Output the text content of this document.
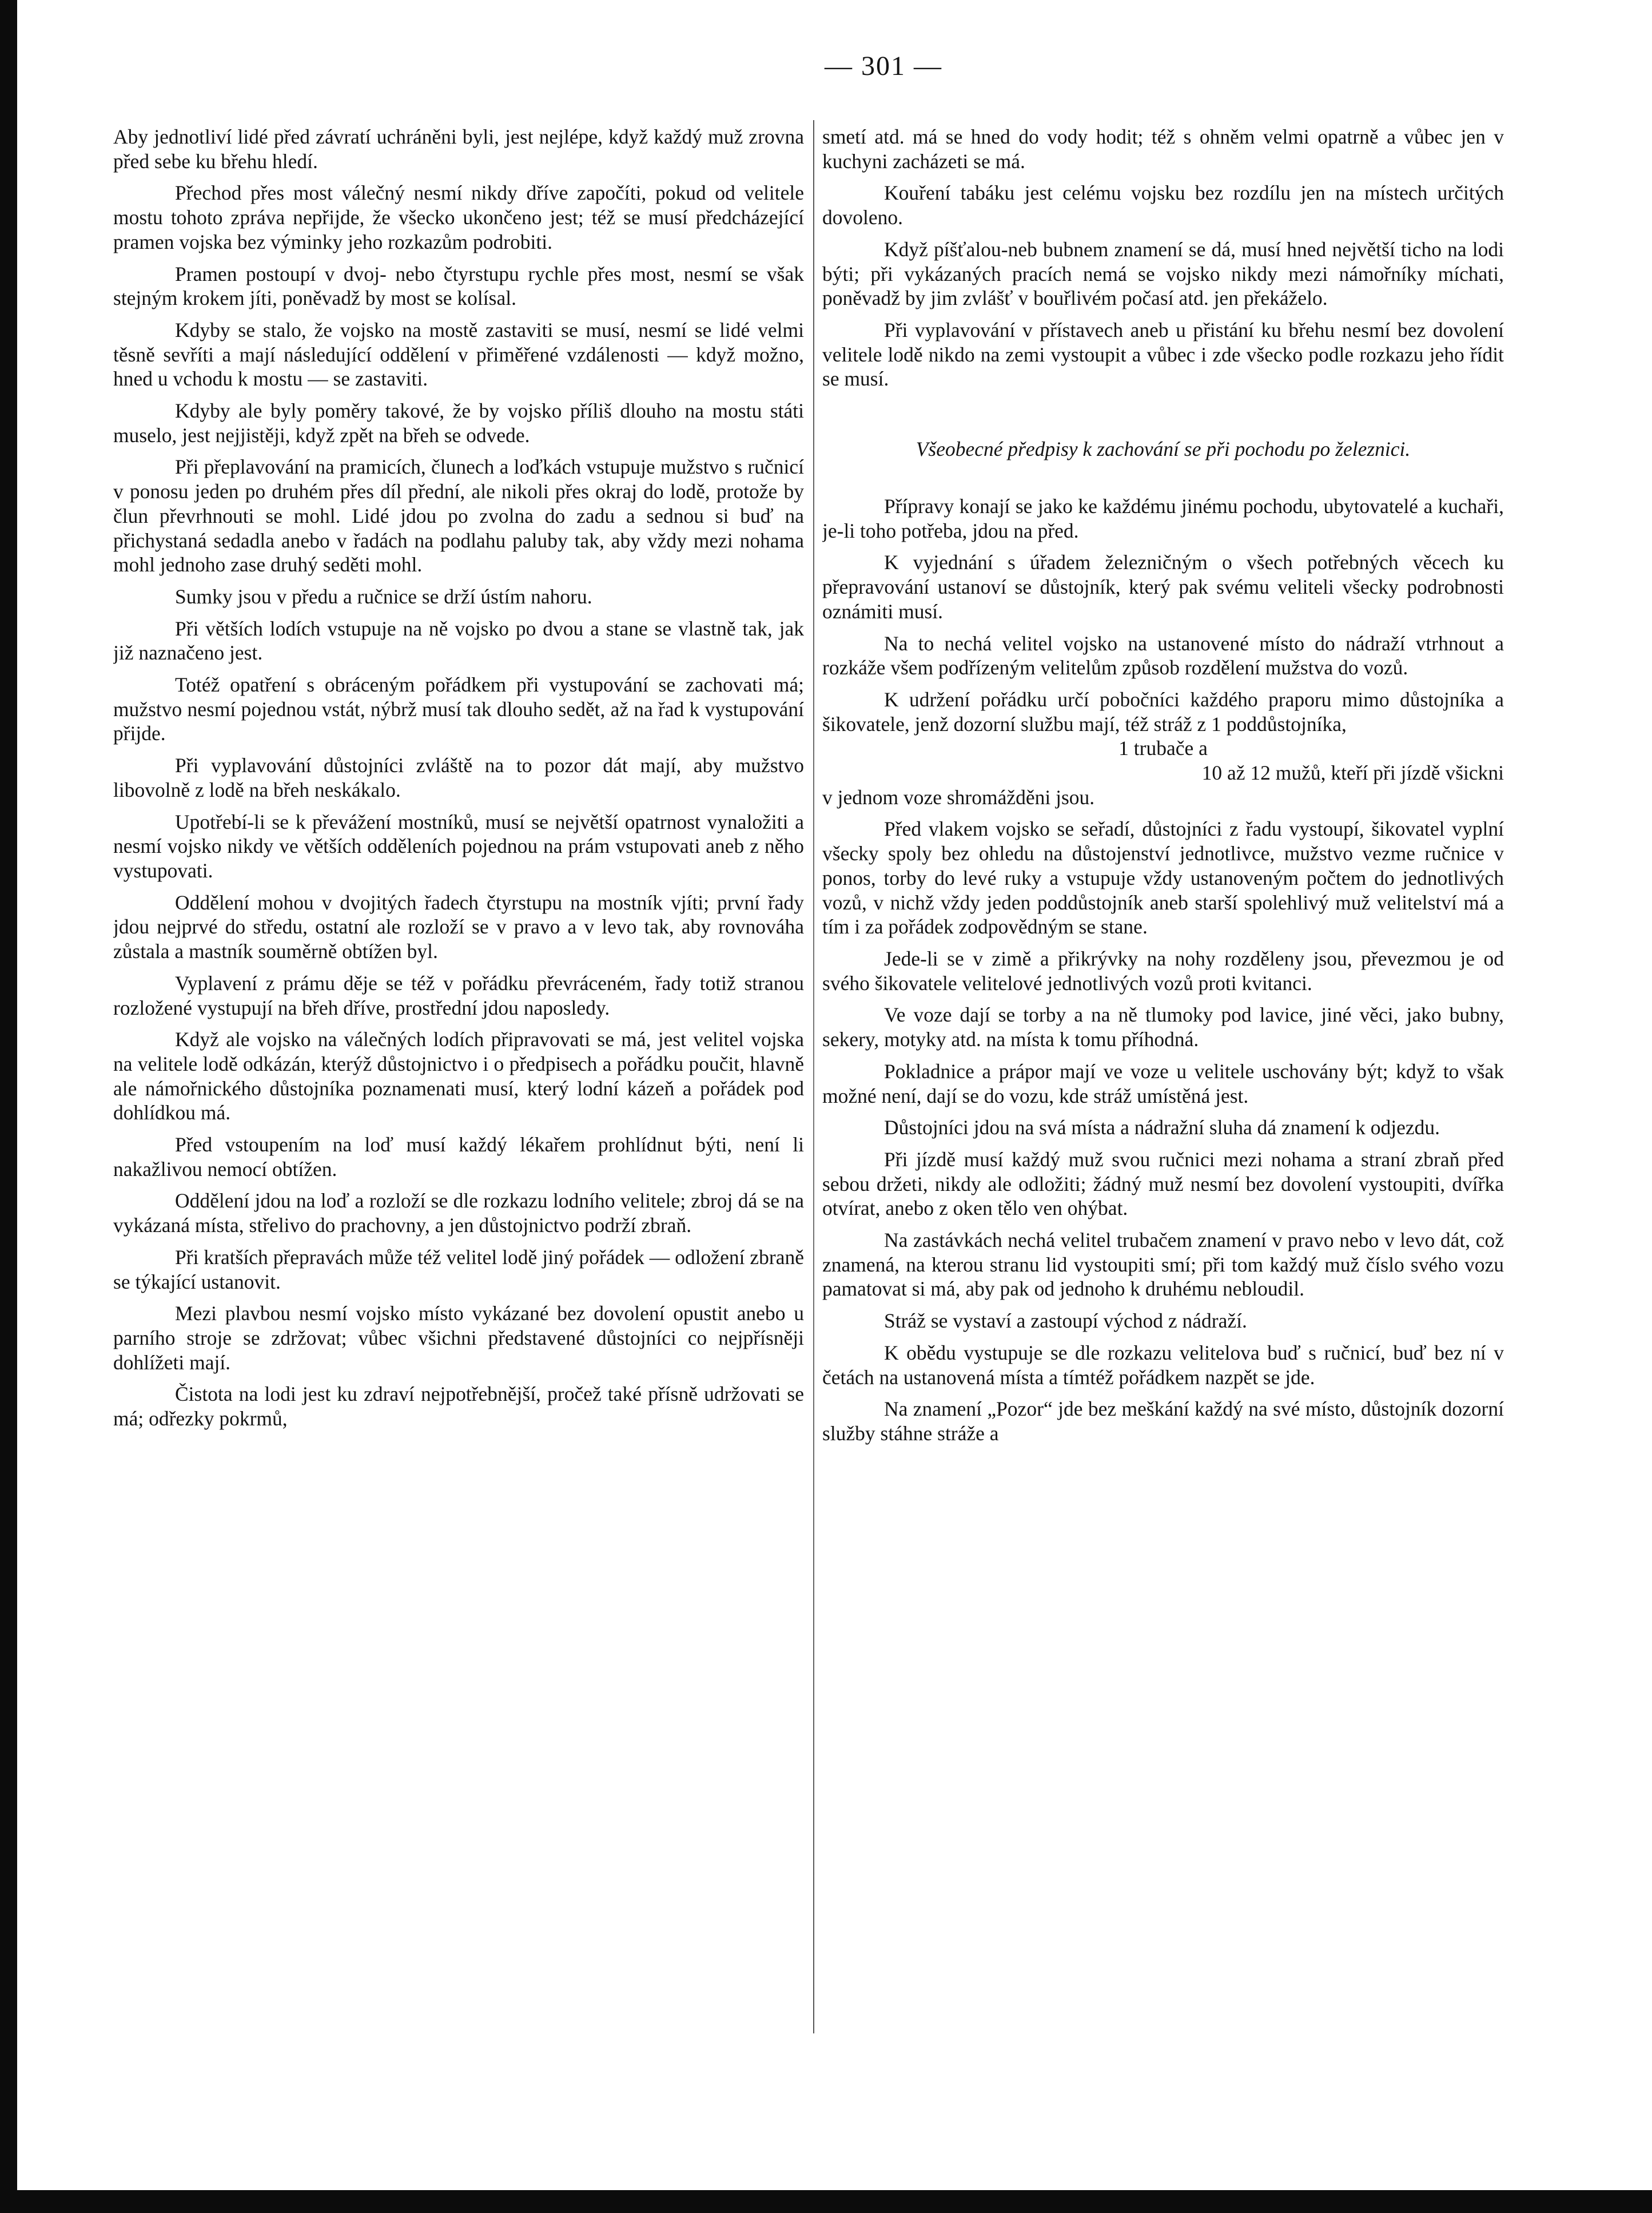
— 301 —

Aby jednotliví lidé před závratí uchráněni byli, jest nejlépe, když každý muž zrovna před sebe ku břehu hledí.

Přechod přes most válečný nesmí nikdy dříve započíti, pokud od velitele mostu tohoto zpráva nepřijde, že všecko ukončeno jest; též se musí předcházející pramen vojska bez výminky jeho rozkazům podrobiti.

Pramen postoupí v dvoj- nebo čtyrstupu rychle přes most, nesmí se však stejným krokem jíti, poněvadž by most se kolísal.

Kdyby se stalo, že vojsko na mostě zastaviti se musí, nesmí se lidé velmi těsně sevříti a mají následující oddělení v přiměřené vzdálenosti — když možno, hned u vchodu k mostu — se zastaviti.

Kdyby ale byly poměry takové, že by vojsko příliš dlouho na mostu státi muselo, jest nejjistěji, když zpět na břeh se odvede.

Při přeplavování na pramicích, člunech a loďkách vstupuje mužstvo s ručnicí v ponosu jeden po druhém přes díl přední, ale nikoli přes okraj do lodě, protože by člun převrhnouti se mohl. Lidé jdou po zvolna do zadu a sednou si buď na přichystaná sedadla anebo v řadách na podlahu paluby tak, aby vždy mezi nohama mohl jednoho zase druhý seděti mohl.

Sumky jsou v předu a ručnice se drží ústím nahoru.

Při větších lodích vstupuje na ně vojsko po dvou a stane se vlastně tak, jak již naznačeno jest.

Totéž opatření s obráceným pořádkem při vystupování se zachovati má; mužstvo nesmí pojednou vstát, nýbrž musí tak dlouho sedět, až na řad k vystupování přijde.

Při vyplavování důstojníci zvláště na to pozor dát mají, aby mužstvo libovolně z lodě na břeh neskákalo.

Upotřebí-li se k převážení mostníků, musí se největší opatrnost vynaložiti a nesmí vojsko nikdy ve větších odděleních pojednou na prám vstupovati aneb z něho vystupovati.

Oddělení mohou v dvojitých řadech čtyrstupu na mostník vjíti; první řady jdou nejprvé do středu, ostatní ale rozloží se v pravo a v levo tak, aby rovnováha zůstala a mastník souměrně obtížen byl.

Vyplavení z prámu děje se též v pořádku převráceném, řady totiž stranou rozložené vystupují na břeh dříve, prostřední jdou naposledy.

Když ale vojsko na válečných lodích připravovati se má, jest velitel vojska na velitele lodě odkázán, kterýž důstojnictvo i o předpisech a pořádku poučit, hlavně ale námořnického důstojníka poznamenati musí, který lodní kázeň a pořádek pod dohlídkou má.

Před vstoupením na loď musí každý lékařem prohlídnut býti, není li nakažlivou nemocí obtížen.

Oddělení jdou na loď a rozloží se dle rozkazu lodního velitele; zbroj dá se na vykázaná místa, střelivo do prachovny, a jen důstojnictvo podrží zbraň.

Při kratších přepravách může též velitel lodě jiný pořádek — odložení zbraně se týkající ustanovit.

Mezi plavbou nesmí vojsko místo vykázané bez dovolení opustit anebo u parního stroje se zdržovat; vůbec všichni představené důstojníci co nejpřísněji dohlížeti mají.

Čistota na lodi jest ku zdraví nejpotřebnější, pročež také přísně udržovati se má; odřezky pokrmů,

smetí atd. má se hned do vody hodit; též s ohněm velmi opatrně a vůbec jen v kuchyni zacházeti se má.

Kouření tabáku jest celému vojsku bez rozdílu jen na místech určitých dovoleno.

Když píšťalou-neb bubnem znamení se dá, musí hned největší ticho na lodi býti; při vykázaných pracích nemá se vojsko nikdy mezi námořníky míchati, poněvadž by jim zvlášť v bouřlivém počasí atd. jen překáželo.

Při vyplavování v přístavech aneb u přistání ku břehu nesmí bez dovolení velitele lodě nikdo na zemi vystoupit a vůbec i zde všecko podle rozkazu jeho řídit se musí.

Všeobecné předpisy k zachování se při pochodu po železnici.

Přípravy konají se jako ke každému jinému pochodu, ubytovatelé a kuchaři, je-li toho potřeba, jdou na před.

K vyjednání s úřadem železničným o všech potřebných věcech ku přepravování ustanoví se důstojník, který pak svému veliteli všecky podrobnosti oznámiti musí.

Na to nechá velitel vojsko na ustanovené místo do nádraží vtrhnout a rozkáže všem podřízeným velitelům způsob rozdělení mužstva do vozů.

K udržení pořádku určí pobočníci každého praporu mimo důstojníka a šikovatele, jenž dozorní službu mají, též stráž z 1 poddůstojníka,

1 trubače a
10 až 12 mužů, kteří při jízdě všickni

v jednom voze shromážděni jsou.

Před vlakem vojsko se seřadí, důstojníci z řadu vystoupí, šikovatel vyplní všecky spoly bez ohledu na důstojenství jednotlivce, mužstvo vezme ručnice v ponos, torby do levé ruky a vstupuje vždy ustanoveným počtem do jednotlivých vozů, v nichž vždy jeden poddůstojník aneb starší spolehlivý muž velitelství má a tím i za pořádek zodpovědným se stane.

Jede-li se v zimě a přikrývky na nohy rozděleny jsou, převezmou je od svého šikovatele velitelové jednotlivých vozů proti kvitanci.

Ve voze dají se torby a na ně tlumoky pod lavice, jiné věci, jako bubny, sekery, motyky atd. na místa k tomu příhodná.

Pokladnice a prápor mají ve voze u velitele uschovány být; když to však možné není, dají se do vozu, kde stráž umístěná jest.

Důstojníci jdou na svá místa a nádražní sluha dá znamení k odjezdu.

Při jízdě musí každý muž svou ručnici mezi nohama a straní zbraň před sebou držeti, nikdy ale odložiti; žádný muž nesmí bez dovolení vystoupiti, dvířka otvírat, anebo z oken tělo ven ohýbat.

Na zastávkách nechá velitel trubačem znamení v pravo nebo v levo dát, což znamená, na kterou stranu lid vystoupiti smí; při tom každý muž číslo svého vozu pamatovat si má, aby pak od jednoho k druhému nebloudil.

Stráž se vystaví a zastoupí východ z nádraží.

K obědu vystupuje se dle rozkazu velitelova buď s ručnicí, buď bez ní v četách na ustanovená místa a tímtéž pořádkem nazpět se jde.

Na znamení „Pozor“ jde bez meškání každý na své místo, důstojník dozorní služby stáhne stráže a
